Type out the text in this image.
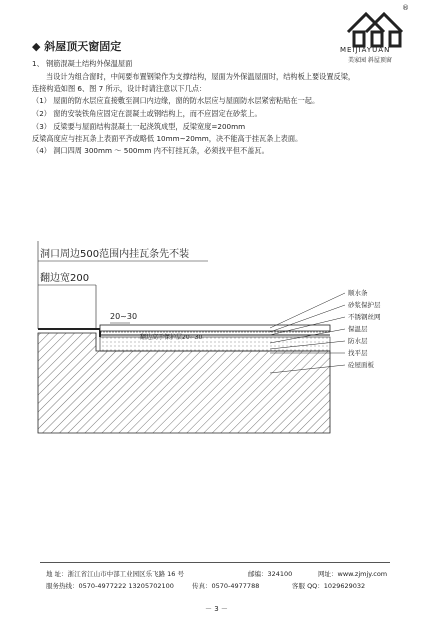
®
MEIJIAYUAN
美家园 斜屋顶窗
◆ 斜屋顶天窗固定
1、 钢筋混凝土结构外保温屋面
当设计为组合窗时，中间要布置钢梁作为支撑结构，屋面为外保温屋面时，结构板上要设置反梁，
连接构造如图 6、图 7 所示，设计时请注意以下几点：
（1） 屋面的防水层应直接敷至洞口内边缘，窗的防水层应与屋面防水层紧密粘贴在一起。
（2） 窗的安装铁角应固定在混凝土或钢结构上，而不应固定在砂浆上。
（3） 反梁要与屋面结构混凝土一起浇筑成型，反梁宽度=200mm
反梁高度应与挂瓦条上表面平齐或略低 10mm~20mm，决不能高于挂瓦条上表面。
（4） 洞口四周 300mm ～ 500mm 内不钉挂瓦条，必须找平但不盖瓦。
洞口周边500范围内挂瓦条先不装
翻边宽200
20~30
翻边高于保护层20~30
顺水条
砂浆保护层
不锈钢丝网
保温层
防水层
找平层
砼屋面板
地 址：浙江省江山市中部工业园区乐飞路 16 号	邮编：324100	网址：www.zjmjy.com
服务热线：0570-4977222 13205702100	传真：0570-4977788	客服 QQ：1029629032
－ 3 －
